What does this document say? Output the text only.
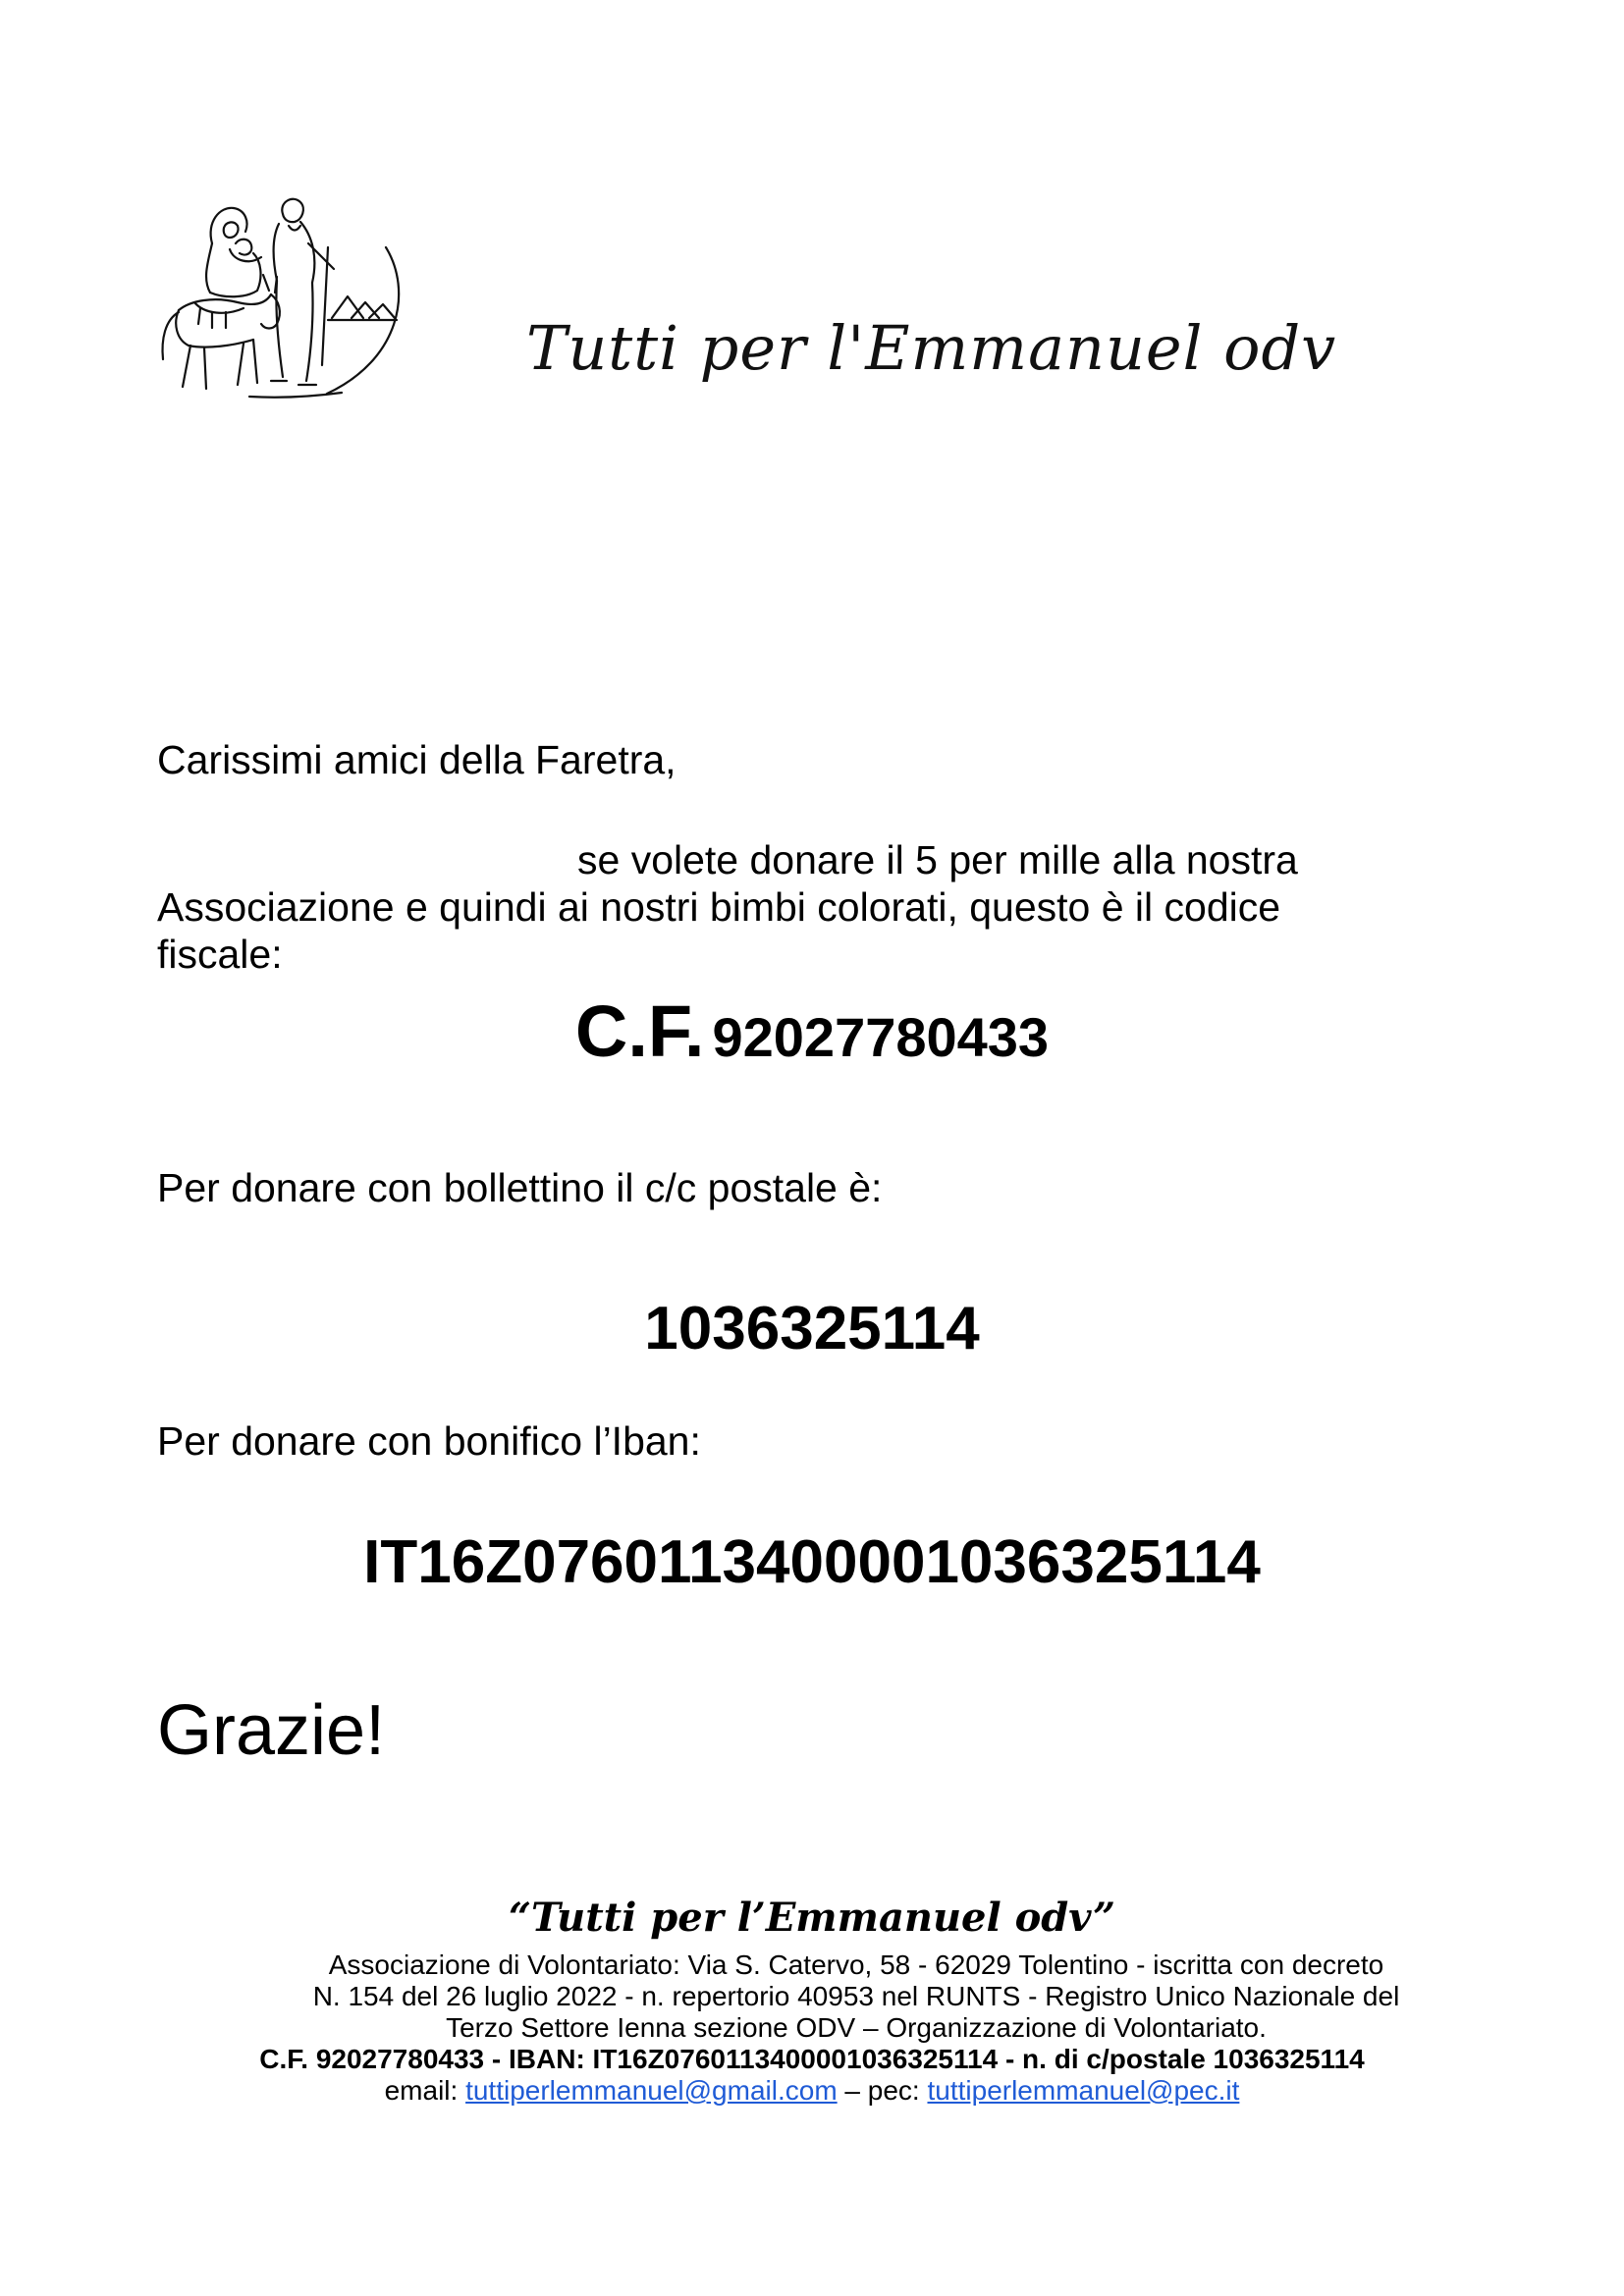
Tutti per l'Emmanuel odv
Carissimi amici della Faretra,
se volete donare il 5 per mille alla nostra
Associazione e quindi ai nostri bimbi colorati, questo è il codice
fiscale:
C.F. 92027780433
Per donare con bollettino il c/c postale è:
1036325114
Per donare con bonifico l’Iban:
IT16Z0760113400001036325114
Grazie!
“Tutti per l’Emmanuel odv”
Associazione di Volontariato: Via S. Catervo, 58 - 62029 Tolentino - iscritta con decreto
N. 154 del 26 luglio 2022 - n. repertorio 40953 nel RUNTS - Registro Unico Nazionale del
Terzo Settore Ienna sezione ODV – Organizzazione di Volontariato.
C.F. 92027780433 - IBAN: IT16Z0760113400001036325114 - n. di c/postale 1036325114
email: tuttiperlemmanuel@gmail.com – pec: tuttiperlemmanuel@pec.it
